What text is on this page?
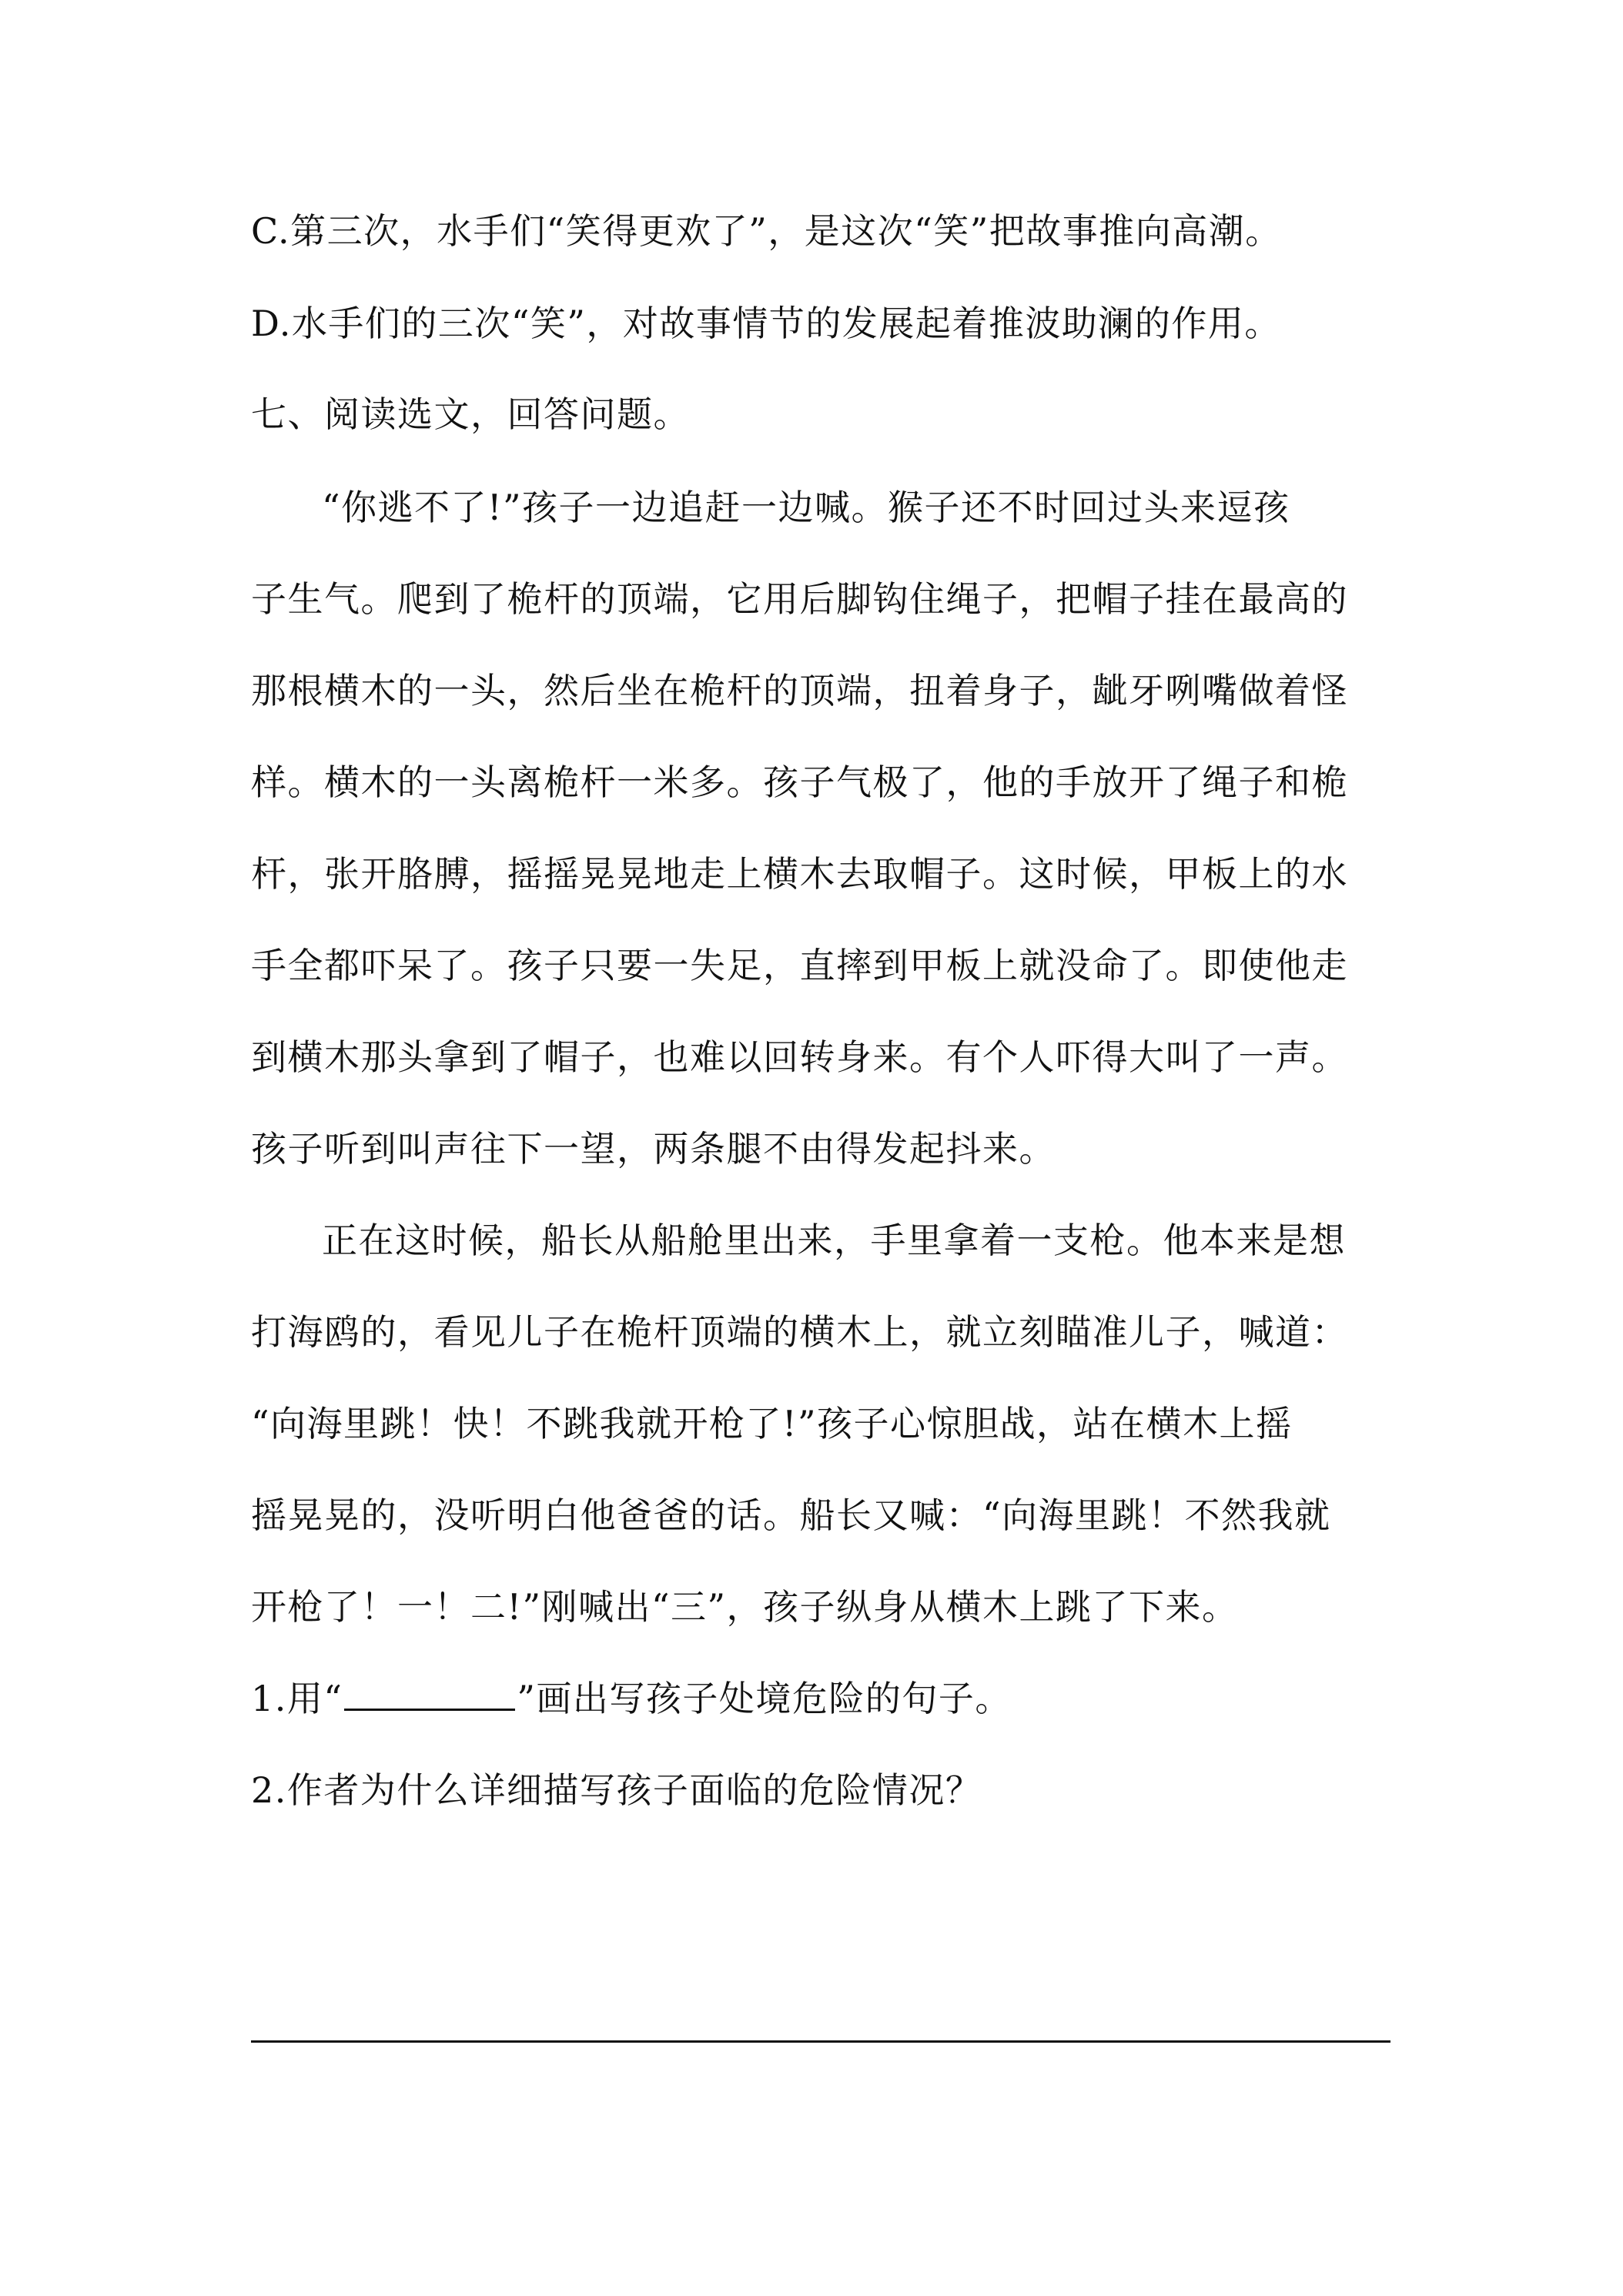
C.第三次，水手们“笑得更欢了”，是这次“笑”把故事推向高潮。
D.水手们的三次“笑”，对故事情节的发展起着推波助澜的作用。
七、阅读选文，回答问题。
“你逃不了!”孩子一边追赶一边喊。猴子还不时回过头来逗孩
子生气。爬到了桅杆的顶端，它用后脚钩住绳子，把帽子挂在最高的
那根横木的一头，然后坐在桅杆的顶端，扭着身子，龇牙咧嘴做着怪
样。横木的一头离桅杆一米多。孩子气极了，他的手放开了绳子和桅
杆，张开胳膊，摇摇晃晃地走上横木去取帽子。这时候，甲板上的水
手全都吓呆了。孩子只要一失足，直摔到甲板上就没命了。即使他走
到横木那头拿到了帽子，也难以回转身来。有个人吓得大叫了一声。
孩子听到叫声往下一望，两条腿不由得发起抖来。
正在这时候，船长从船舱里出来，手里拿着一支枪。他本来是想
打海鸥的，看见儿子在桅杆顶端的横木上，就立刻瞄准儿子，喊道：
“向海里跳！快！不跳我就开枪了!”孩子心惊胆战，站在横木上摇
摇晃晃的，没听明白他爸爸的话。船长又喊：“向海里跳！不然我就
开枪了！一！二!”刚喊出“三”，孩子纵身从横木上跳了下来。
1.用“	”画出写孩子处境危险的句子。
2.作者为什么详细描写孩子面临的危险情况？
